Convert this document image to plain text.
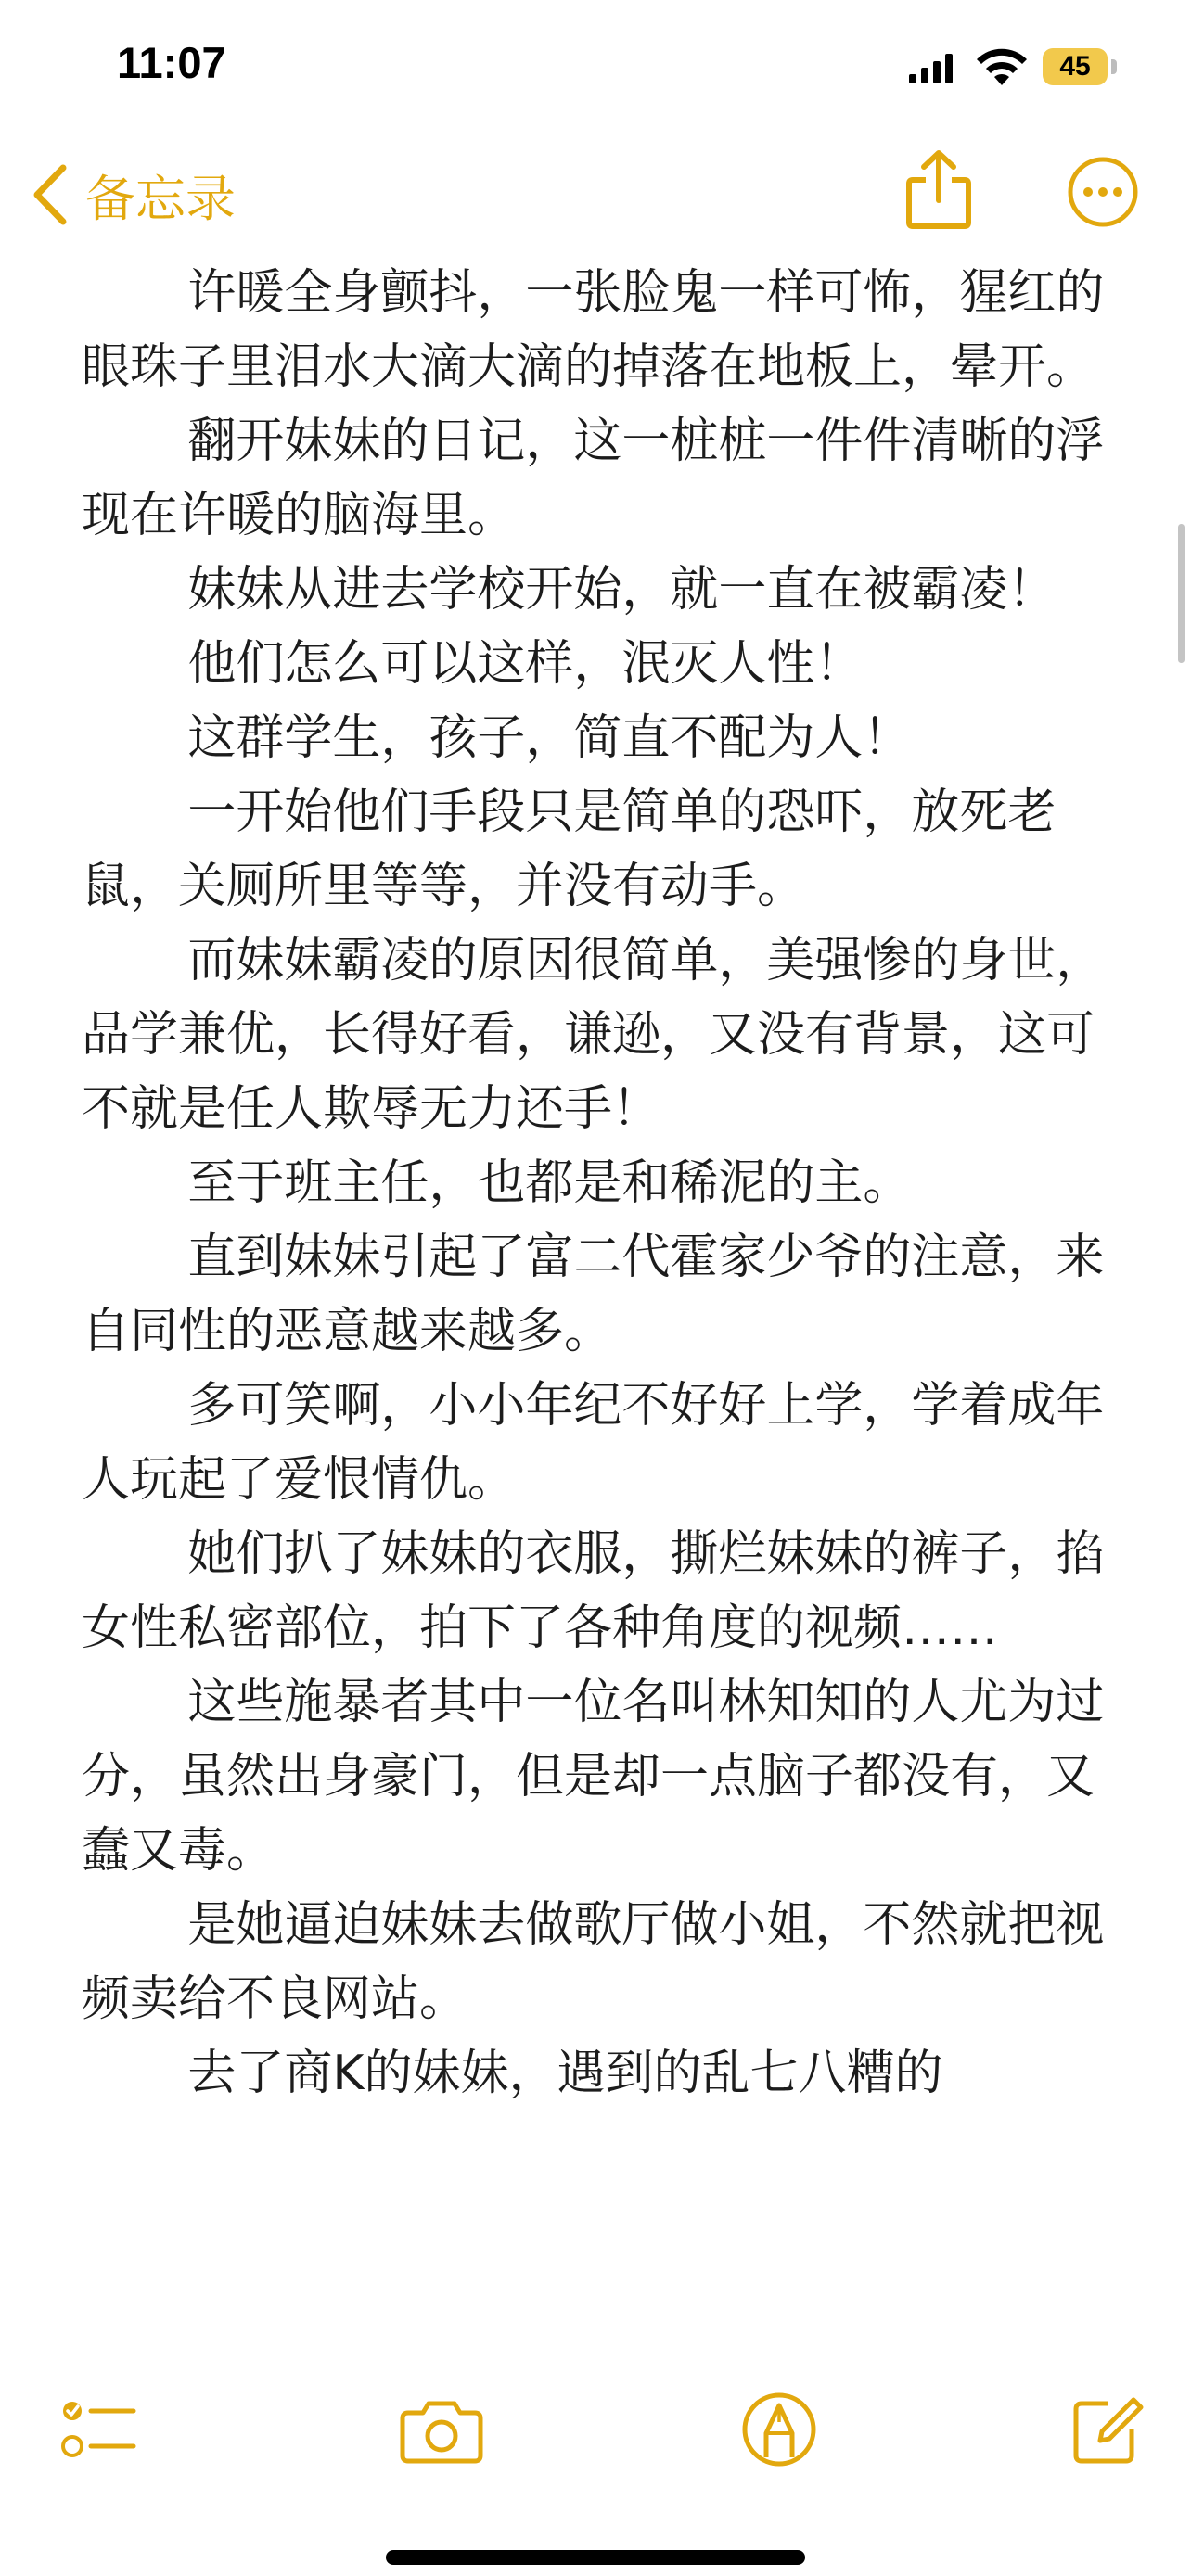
11:07	45
备忘录

许暖全身颤抖，一张脸鬼一样可怖，猩红的眼珠子里泪水大滴大滴的掉落在地板上，晕开。

翻开妹妹的日记，这一桩桩一件件清晰的浮现在许暖的脑海里。

妹妹从进去学校开始，就一直在被霸凌！

他们怎么可以这样，泯灭人性！

这群学生，孩子，简直不配为人！

一开始他们手段只是简单的恐吓，放死老鼠，关厕所里等等，并没有动手。

而妹妹霸凌的原因很简单，美强惨的身世，品学兼优，长得好看，谦逊，又没有背景，这可不就是任人欺辱无力还手！

至于班主任，也都是和稀泥的主。

直到妹妹引起了富二代霍家少爷的注意，来自同性的恶意越来越多。

多可笑啊，小小年纪不好好上学，学着成年人玩起了爱恨情仇。

她们扒了妹妹的衣服，撕烂妹妹的裤子，掐女性私密部位，拍下了各种角度的视频……

这些施暴者其中一位名叫林知知的人尤为过分，虽然出身豪门，但是却一点脑子都没有，又蠢又毒。

是她逼迫妹妹去做歌厅做小姐，不然就把视频卖给不良网站。

去了商K的妹妹，遇到的乱七八糟的
